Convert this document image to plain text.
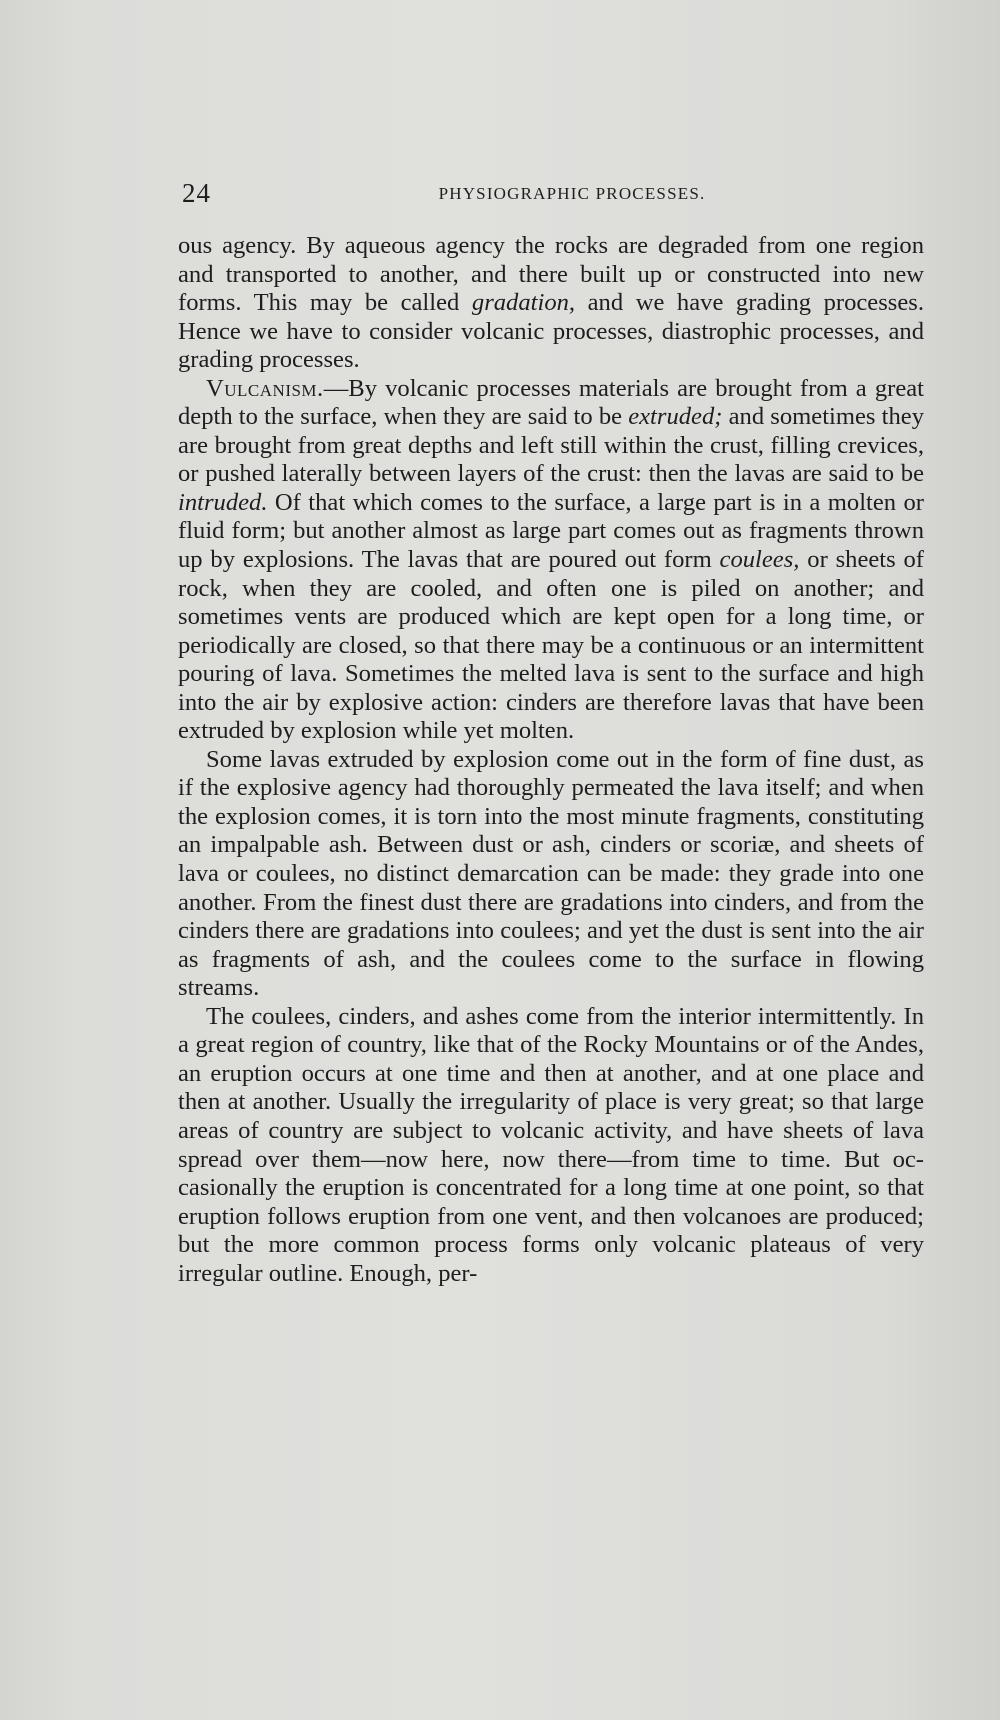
24	PHYSIOGRAPHIC PROCESSES.

ous agency. By aqueous agency the rocks are degraded from one region and transported to another, and there built up or constructed into new forms. This may be called gradation, and we have grading processes. Hence we have to consider volcanic processes, diastrophic processes, and grading processes.

Vulcanism.—By volcanic processes materials are brought from a great depth to the surface, when they are said to be extruded; and sometimes they are brought from great depths and left still within the crust, filling crevices, or pushed laterally between layers of the crust: then the lavas are said to be intruded. Of that which comes to the surface, a large part is in a molten or fluid form; but another almost as large part comes out as fragments thrown up by explosions. The lavas that are poured out form coulees, or sheets of rock, when they are cooled, and often one is piled on another; and sometimes vents are produced which are kept open for a long time, or periodically are closed, so that there may be a continuous or an intermittent pouring of lava. Sometimes the melted lava is sent to the surface and high into the air by explosive action: cinders are therefore lavas that have been extruded by explosion while yet molten.

Some lavas extruded by explosion come out in the form of fine dust, as if the explosive agency had thoroughly permeated the lava itself; and when the explosion comes, it is torn into the most minute fragments, constituting an impalpable ash. Between dust or ash, cinders or scoriæ, and sheets of lava or coulees, no distinct demarcation can be made: they grade into one another. From the finest dust there are gradations into cinders, and from the cinders there are gradations into coulees; and yet the dust is sent into the air as fragments of ash, and the coulees come to the surface in flowing streams.

The coulees, cinders, and ashes come from the interior intermittently. In a great region of country, like that of the Rocky Mountains or of the Andes, an eruption occurs at one time and then at another, and at one place and then at another. Usually the irregularity of place is very great; so that large areas of country are subject to volcanic activity, and have sheets of lava spread over them—now here, now there—from time to time. But occasionally the eruption is concentrated for a long time at one point, so that eruption follows eruption from one vent, and then volcanoes are produced; but the more common process forms only volcanic plateaus of very irregular outline. Enough, per-
